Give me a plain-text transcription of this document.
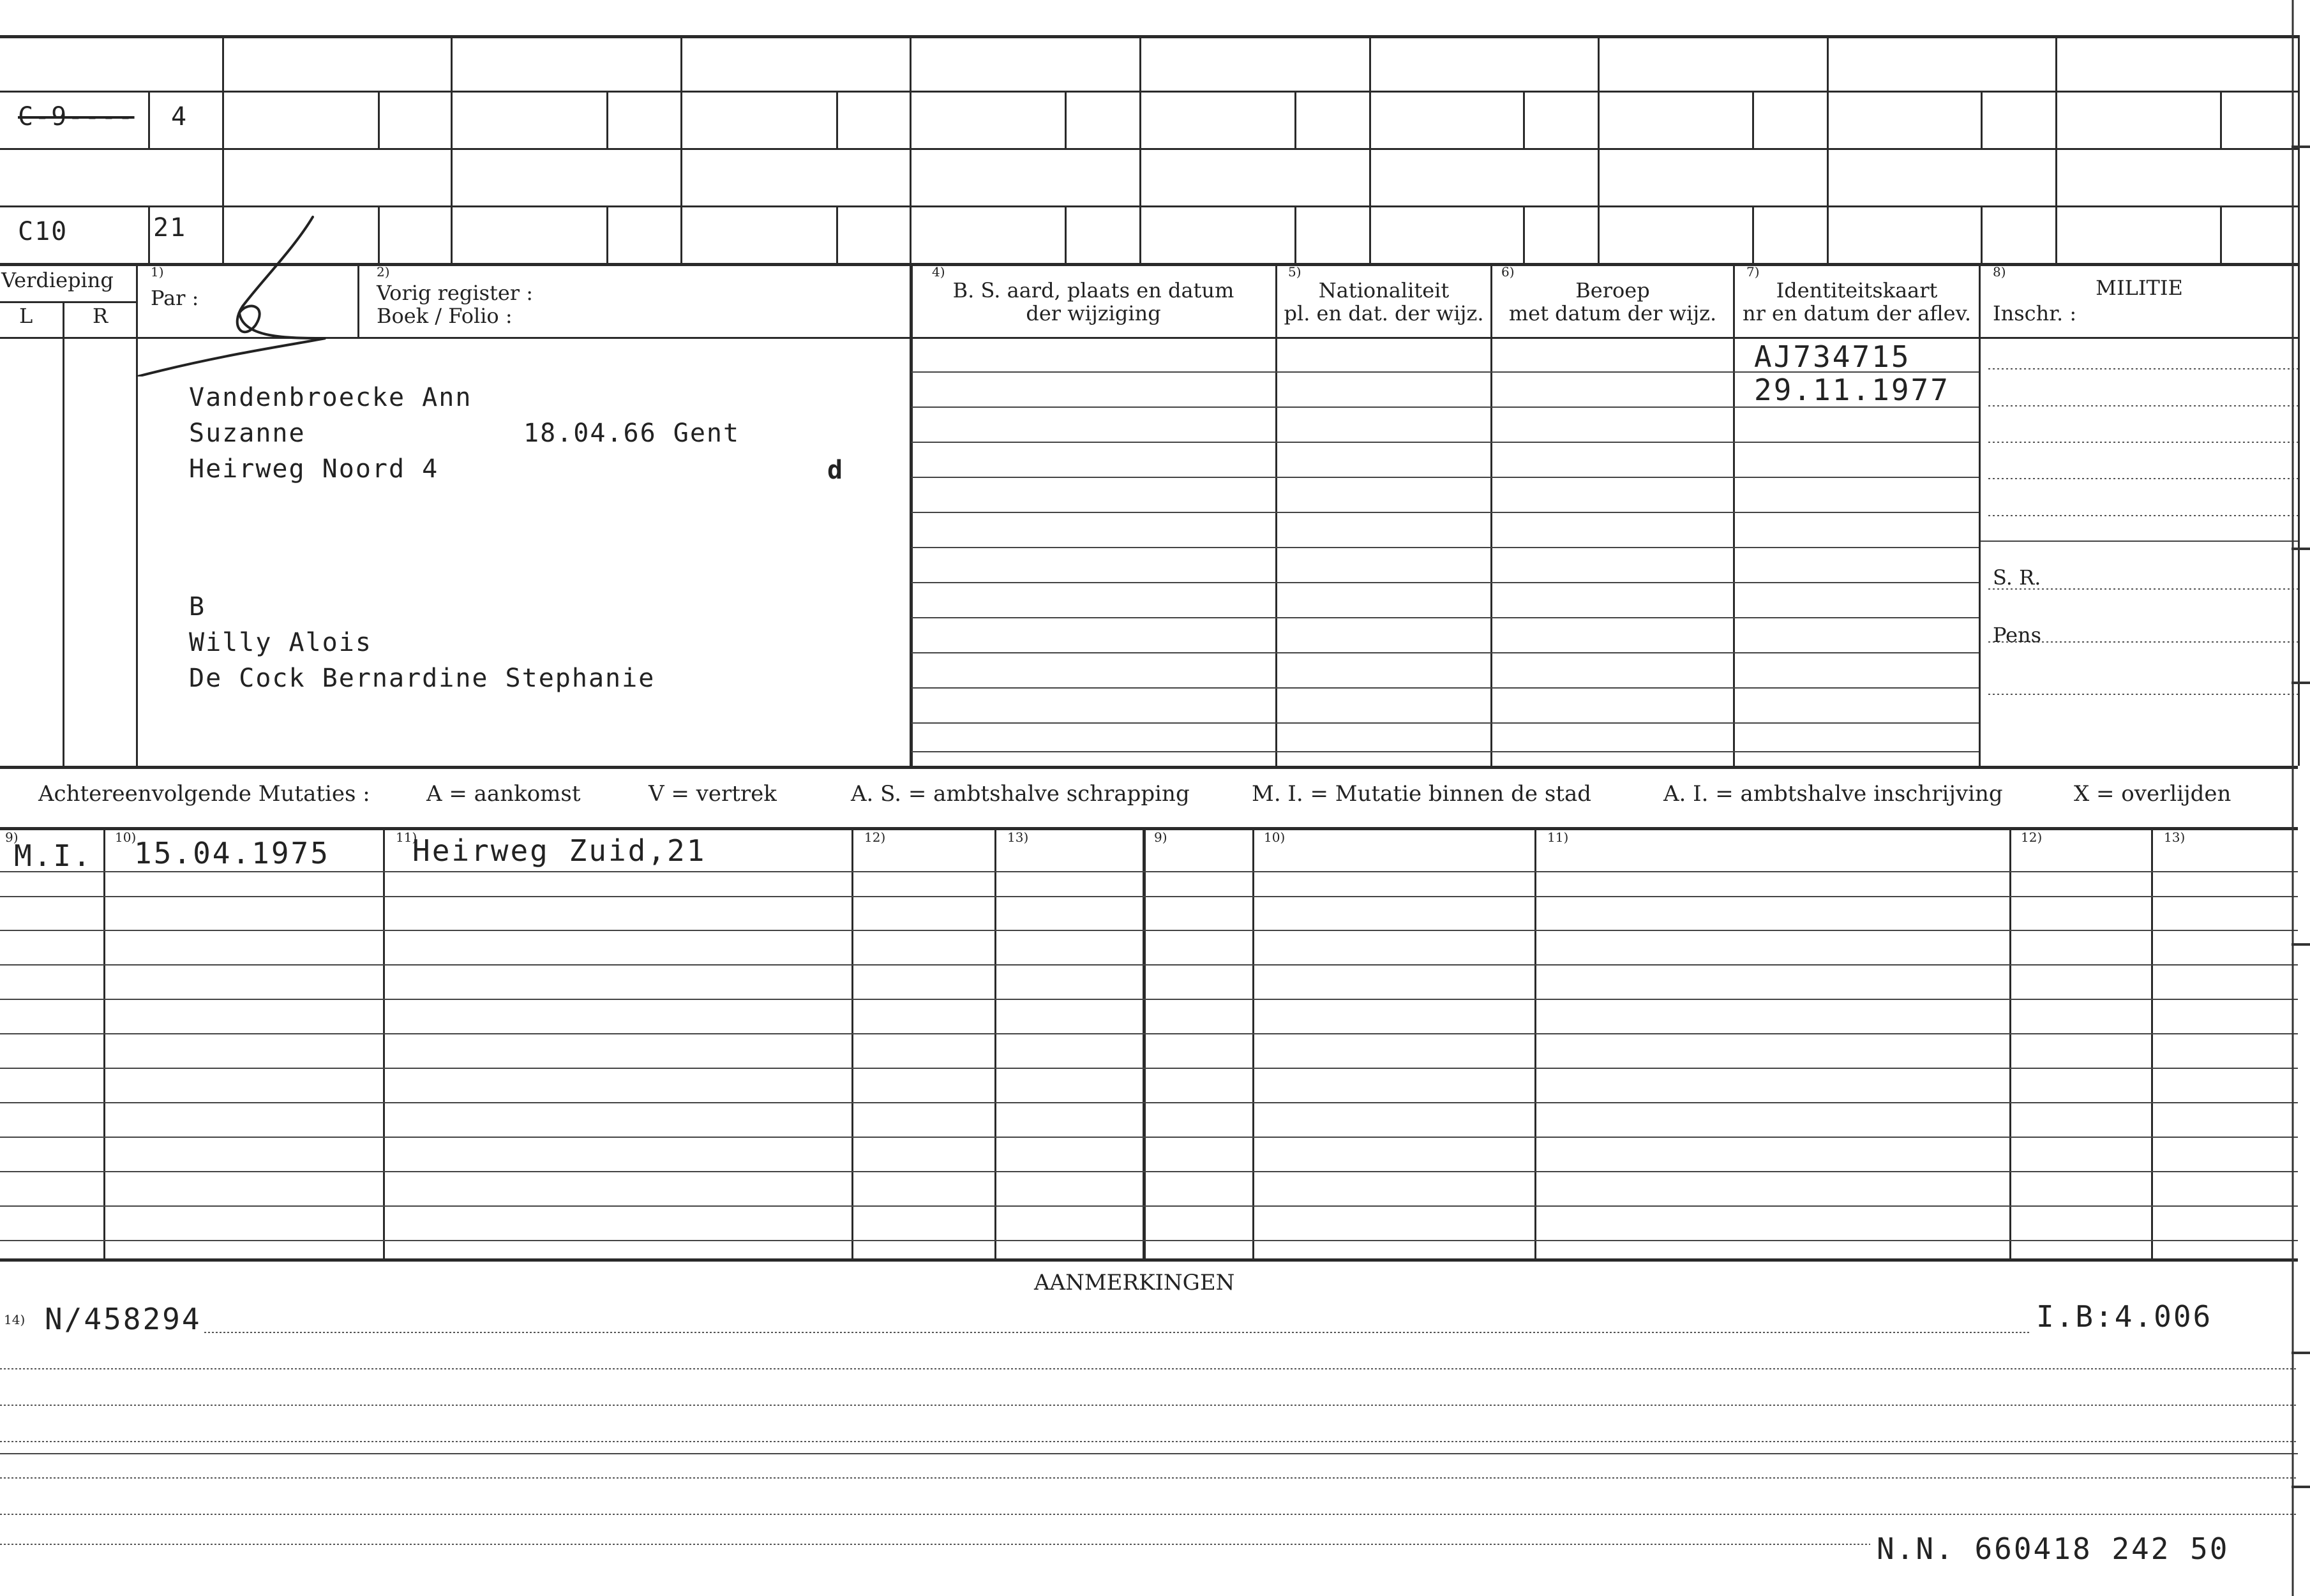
C-9---- 4
C10	21
Verdieping
L	R
1)
Par :
2)
Vorig register :
Boek / Folio :
4)
B. S. aard, plaats en datum
der wijziging
5)
Nationaliteit
pl. en dat. der wijz.
6)
Beroep
met datum der wijz.
7)
Identiteitskaart
nr en datum der aflev.
8)
MILITIE
Inschr. :
S. R.
Pens
Vandenbroecke Ann
Suzanne	18.04.66 Gent
Heirweg Noord 4	d
B
Willy Alois
De Cock Bernardine Stephanie
AJ734715
29.11.1977
Achtereenvolgende Mutaties :	A = aankomst	V = vertrek	A. S. = ambtshalve schrapping	M. I. = Mutatie binnen de stad	A. I. = ambtshalve inschrijving	X = overlijden
9)	10)	11)	12)	13)	9)	10)	11)	12)	13)
M.I. 15.04.1975	Heirweg Zuid,21
AANMERKINGEN
14) N/458294	I.B:4.006
N.N. 660418 242 50
